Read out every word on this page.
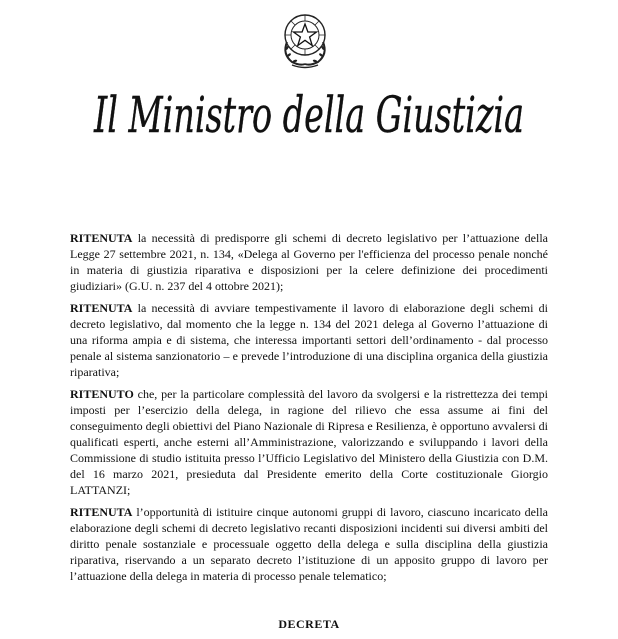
Il Ministro della Giustizia

RITENUTA la necessità di predisporre gli schemi di decreto legislativo per l’attuazione della Legge 27 settembre 2021, n. 134, «Delega al Governo per l'efficienza del processo penale nonché in materia di giustizia riparativa e disposizioni per la celere definizione dei procedimenti giudiziari» (G.U. n. 237 del 4 ottobre 2021);

RITENUTA la necessità di avviare tempestivamente il lavoro di elaborazione degli schemi di decreto legislativo, dal momento che la legge n. 134 del 2021 delega al Governo l’attuazione di una riforma ampia e di sistema, che interessa importanti settori dell’ordinamento - dal processo penale al sistema sanzionatorio – e prevede l’introduzione di una disciplina organica della giustizia riparativa;

RITENUTO che, per la particolare complessità del lavoro da svolgersi e la ristrettezza dei tempi imposti per l’esercizio della delega, in ragione del rilievo che essa assume ai fini del conseguimento degli obiettivi del Piano Nazionale di Ripresa e Resilienza, è opportuno avvalersi di qualificati esperti, anche esterni all’Amministrazione, valorizzando e sviluppando i lavori della Commissione di studio istituita presso l’Ufficio Legislativo del Ministero della Giustizia con D.M. del 16 marzo 2021, presieduta dal Presidente emerito della Corte costituzionale Giorgio LATTANZI;

RITENUTA l’opportunità di istituire cinque autonomi gruppi di lavoro, ciascuno incaricato della elaborazione degli schemi di decreto legislativo recanti disposizioni incidenti sui diversi ambiti del diritto penale sostanziale e processuale oggetto della delega e sulla disciplina della giustizia riparativa, riservando a un separato decreto l’istituzione di un apposito gruppo di lavoro per l’attuazione della delega in materia di processo penale telematico;

DECRETA
